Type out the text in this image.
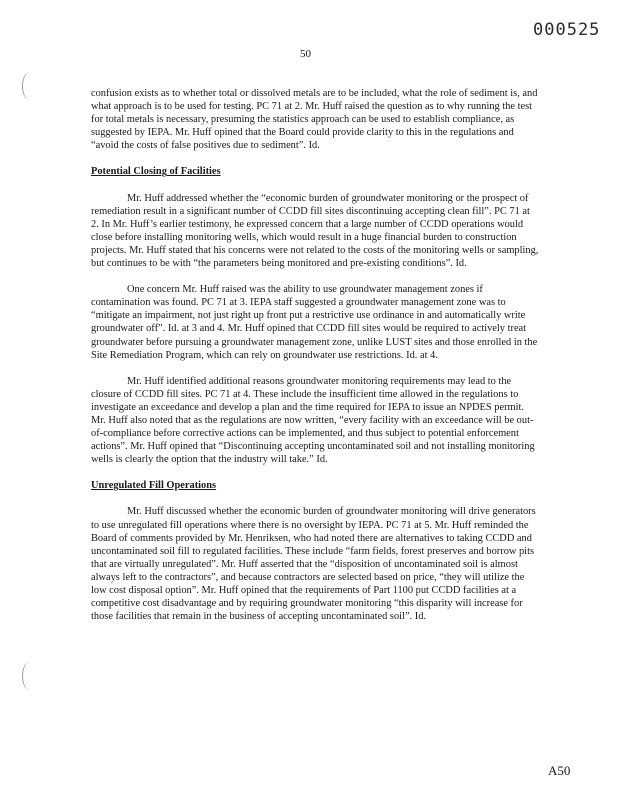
000525
50

confusion exists as to whether total or dissolved metals are to be included, what the role of sediment is, and what approach is to be used for testing. PC 71 at 2. Mr. Huff raised the question as to why running the test for total metals is necessary, presuming the statistics approach can be used to establish compliance, as suggested by IEPA. Mr. Huff opined that the Board could provide clarity to this in the regulations and “avoid the costs of false positives due to sediment”. Id.

Potential Closing of Facilities

Mr. Huff addressed whether the “economic burden of groundwater monitoring or the prospect of remediation result in a significant number of CCDD fill sites discontinuing accepting clean fill”. PC 71 at 2. In Mr. Huff’s earlier testimony, he expressed concern that a large number of CCDD operations would close before installing monitoring wells, which would result in a huge financial burden to construction projects. Mr. Huff stated that his concerns were not related to the costs of the monitoring wells or sampling, but continues to be with “the parameters being monitored and pre-existing conditions”. Id.

One concern Mr. Huff raised was the ability to use groundwater management zones if contamination was found. PC 71 at 3. IEPA staff suggested a groundwater management zone was to “mitigate an impairment, not just right up front put a restrictive use ordinance in and automatically write groundwater off”. Id. at 3 and 4. Mr. Huff opined that CCDD fill sites would be required to actively treat groundwater before pursuing a groundwater management zone, unlike LUST sites and those enrolled in the Site Remediation Program, which can rely on groundwater use restrictions. Id. at 4.

Mr. Huff identified additional reasons groundwater monitoring requirements may lead to the closure of CCDD fill sites. PC 71 at 4. These include the insufficient time allowed in the regulations to investigate an exceedance and develop a plan and the time required for IEPA to issue an NPDES permit. Mr. Huff also noted that as the regulations are now written, “every facility with an exceedance will be out-of-compliance before corrective actions can be implemented, and thus subject to potential enforcement actions”. Mr. Huff opined that “Discontinuing accepting uncontaminated soil and not installing monitoring wells is clearly the option that the industry will take.” Id.

Unregulated Fill Operations

Mr. Huff discussed whether the economic burden of groundwater monitoring will drive generators to use unregulated fill operations where there is no oversight by IEPA. PC 71 at 5. Mr. Huff reminded the Board of comments provided by Mr. Henriksen, who had noted there are alternatives to taking CCDD and uncontaminated soil fill to regulated facilities. These include “farm fields, forest preserves and borrow pits that are virtually unregulated”. Mr. Huff asserted that the “disposition of uncontaminated soil is almost always left to the contractors”, and because contractors are selected based on price, “they will utilize the low cost disposal option”. Mr. Huff opined that the requirements of Part 1100 put CCDD facilities at a competitive cost disadvantage and by requiring groundwater monitoring “this disparity will increase for those facilities that remain in the business of accepting uncontaminated soil”. Id.

A50
